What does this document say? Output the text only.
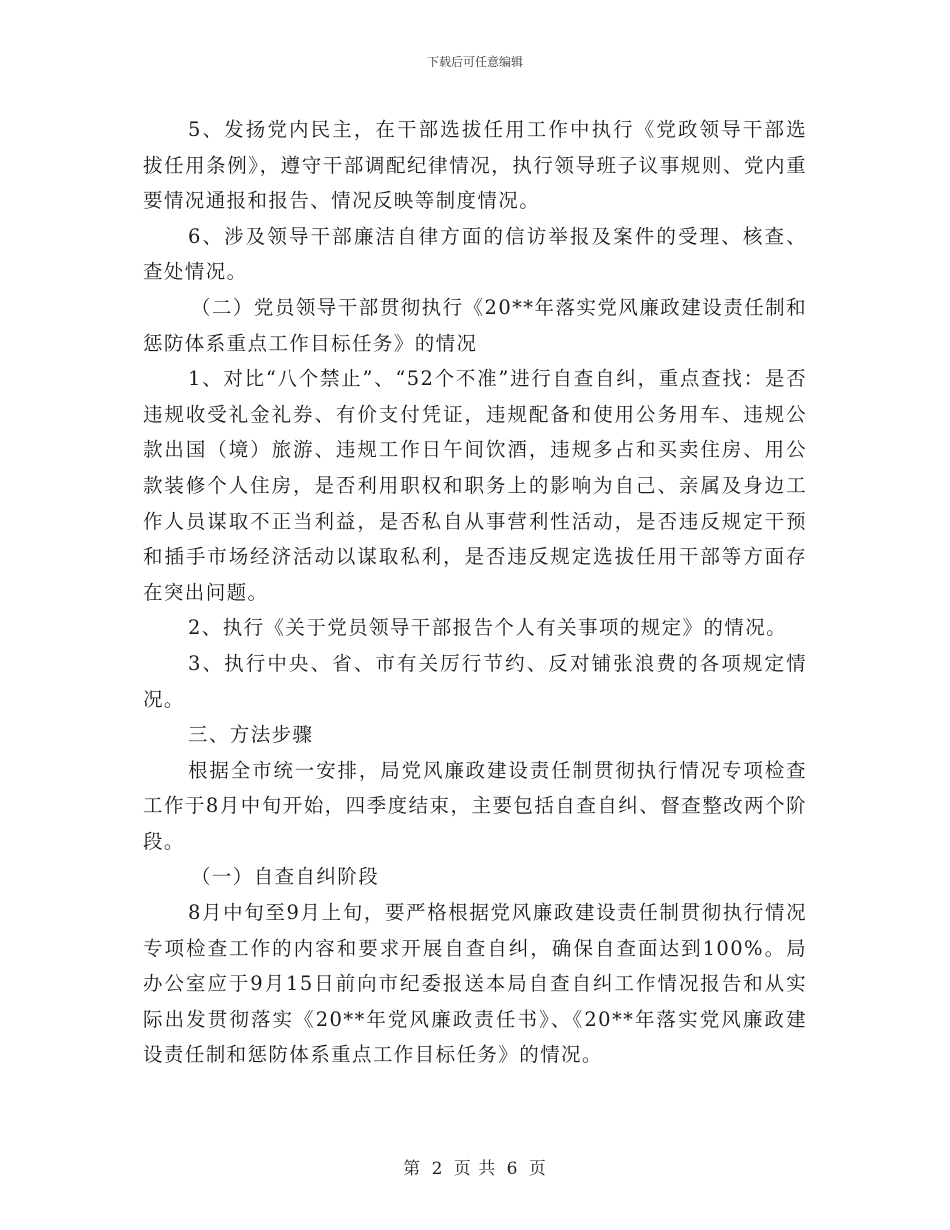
下载后可任意编辑

5、发扬党内民主，在干部选拔任用工作中执行《党政领导干部选拔任用条例》，遵守干部调配纪律情况，执行领导班子议事规则、党内重要情况通报和报告、情况反映等制度情况。

6、涉及领导干部廉洁自律方面的信访举报及案件的受理、核查、查处情况。

（二）党员领导干部贯彻执行《20**年落实党风廉政建设责任制和惩防体系重点工作目标任务》的情况

1、对比“八个禁止”、“52个不准”进行自查自纠，重点查找：是否违规收受礼金礼券、有价支付凭证，违规配备和使用公务用车、违规公款出国（境）旅游、违规工作日午间饮酒，违规多占和买卖住房、用公款装修个人住房，是否利用职权和职务上的影响为自己、亲属及身边工作人员谋取不正当利益，是否私自从事营利性活动，是否违反规定干预和插手市场经济活动以谋取私利，是否违反规定选拔任用干部等方面存在突出问题。

2、执行《关于党员领导干部报告个人有关事项的规定》的情况。

3、执行中央、省、市有关厉行节约、反对铺张浪费的各项规定情况。

三、方法步骤

根据全市统一安排，局党风廉政建设责任制贯彻执行情况专项检查工作于8月中旬开始，四季度结束，主要包括自查自纠、督查整改两个阶段。

（一）自查自纠阶段

8月中旬至9月上旬，要严格根据党风廉政建设责任制贯彻执行情况专项检查工作的内容和要求开展自查自纠，确保自查面达到100%。局办公室应于9月15日前向市纪委报送本局自查自纠工作情况报告和从实际出发贯彻落实《20**年党风廉政责任书》、《20**年落实党风廉政建设责任制和惩防体系重点工作目标任务》的情况。

第 2 页 共 6 页
